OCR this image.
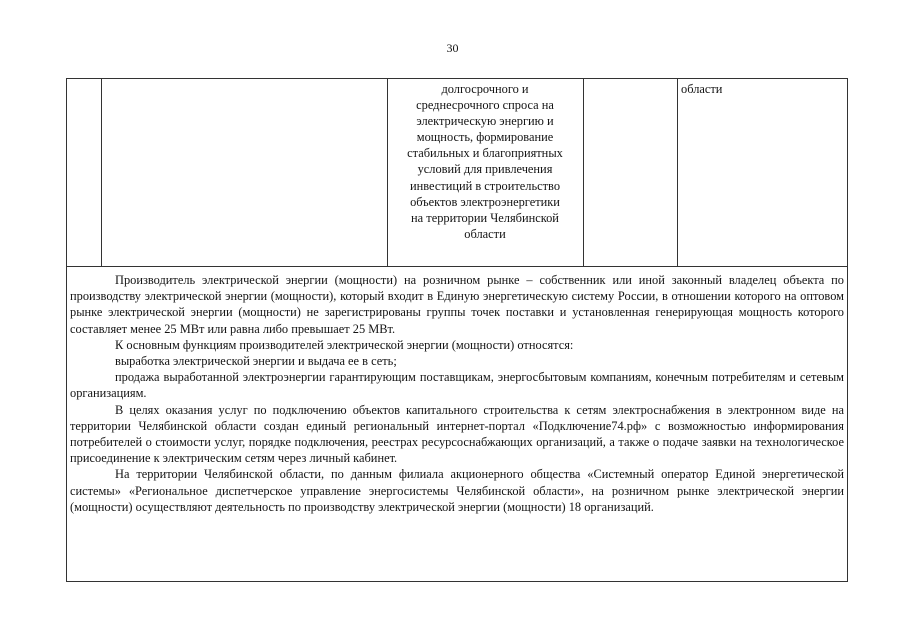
30
долгосрочного и
среднесрочного спроса на
электрическую энергию и
мощность, формирование
стабильных и благоприятных
условий для привлечения
инвестиций в строительство
объектов электроэнергетики
на территории Челябинской
области
области

Производитель электрической энергии (мощности) на розничном рынке – собственник или иной законный владелец объекта по производству электрической энергии (мощности), который входит в Единую энергетическую систему России, в отношении которого на оптовом рынке электрической энергии (мощности) не зарегистрированы группы точек поставки и установленная генерирующая мощность которого составляет менее 25 МВт или равна либо превышает 25 МВт.

К основным функциям производителей электрической энергии (мощности) относятся:

выработка электрической энергии и выдача ее в сеть;

продажа выработанной электроэнергии гарантирующим поставщикам, энергосбытовым компаниям, конечным потребителям и сетевым организациям.

В целях оказания услуг по подключению объектов капитального строительства к сетям электроснабжения в электронном виде на территории Челябинской области создан единый региональный интернет-портал «Подключение74.рф» с возможностью информирования потребителей о стоимости услуг, порядке подключения, реестрах ресурсоснабжающих организаций, а также о подаче заявки на технологическое присоединение к электрическим сетям через личный кабинет.

На территории Челябинской области, по данным филиала акционерного общества «Системный оператор Единой энергетической системы» «Региональное диспетчерское управление энергосистемы Челябинской области», на розничном рынке электрической энергии (мощности) осуществляют деятельность по производству электрической энергии (мощности) 18 организаций.
